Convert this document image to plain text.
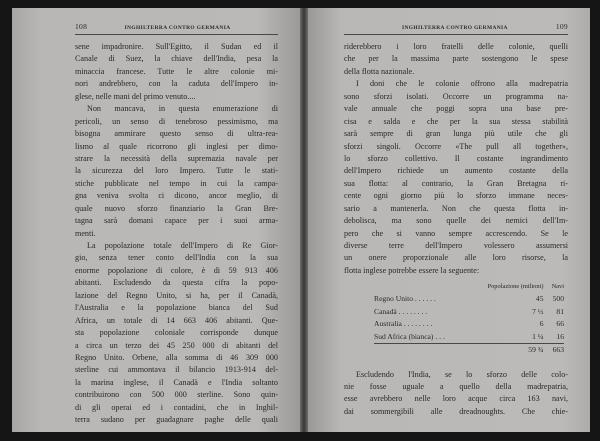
108	INGHILTERRA CONTRO GERMANIA
sene impadronire. Sull'Egitto, il Sudan ed il
Canale di Suez, la chiave dell'India, pesa la
minaccia francese. Tutte le altre colonie mi-
nori andrebbero, con la caduta dell'Impero in-
glese, nelle mani del primo venuto....
Non mancava, in questa enumerazione di
pericoli, un senso di tenebroso pessimismo, ma
bisogna ammirare questo senso di ultra-rea-
lismo al quale ricorrono gli inglesi per dimo-
strare la necessità della supremazia navale per
la sicurezza del loro Impero. Tutte le stati-
stiche pubblicate nel tempo in cui la campa-
gna veniva svolta ci dicono, ancor meglio, di
quale nuovo sforzo finanziario la Gran Bre-
tagna sarà domani capace per i suoi arma-
menti.
La popolazione totale dell'Impero di Re Gior-
gio, senza tener conto dell'India con la sua
enorme popolazione di colore, è di 59 913 406
abitanti. Escludendo da questa cifra la popo-
lazione del Regno Unito, si ha, per il Canadà,
l'Australia e la popolazione bianca del Sud
Africa, un totale di 14 663 406 abitanti. Que-
sta popolazione coloniale corrisponde dunque
a circa un terzo dei 45 250 000 di abitanti del
Regno Unito. Orbene, alla somma di 46 309 000
sterline cui ammontava il bilancio 1913-914 del-
la marina inglese, il Canadà e l'India soltanto
contribuirono con 500 000 sterline. Sono quin-
di gli operai ed i contadini, che in Inghil-
terra sudano per guadagnare paghe delle quali
INGHILTERRA CONTRO GERMANIA	109
riderebbero i loro fratelli delle colonie, quelli
che per la massima parte sostengono le spese
della flotta nazionale.
I doni che le colonie offrono alla madrepatria
sono sforzi isolati. Occorre un programma na-
vale annuale che poggi sopra una base pre-
cisa e salda e che per la sua stessa stabilità
sarà sempre di gran lunga più utile che gli
sforzi singoli. Occorre «The pull all together»,
lo sforzo collettivo. Il costante ingrandimento
dell'Impero richiede un aumento costante della
sua flotta: al contrario, la Gran Bretagna ri-
cente ogni giorno più lo sforzo immane neces-
sario a mantenerla. Non che questa flotta in-
debolisca, ma sono quelle dei nemici dell'Im-
pero che si vanno sempre accrescendo. Se le
diverse terre dell'Impero volessero assumersi
un onere proporzionale alle loro risorse, la
flotta inglese potrebbe essere la seguente:
	Popolazione (milioni)	Navi
Regno Unito . . . . . .	45	500
Canadà . . . . . . . .	7 ½	81
Australia . . . . . . . .	6	66
Sud Africa (bianca) . . .	1 ¼	16
	59 ¾	663
Escludendo l'India, se lo sforzo delle colo-
nie fosse uguale a quello della madrepatria,
esse avrebbero nelle loro acque circa 163 navi,
dai sommergibili alle dreadnoughts. Che chie-
